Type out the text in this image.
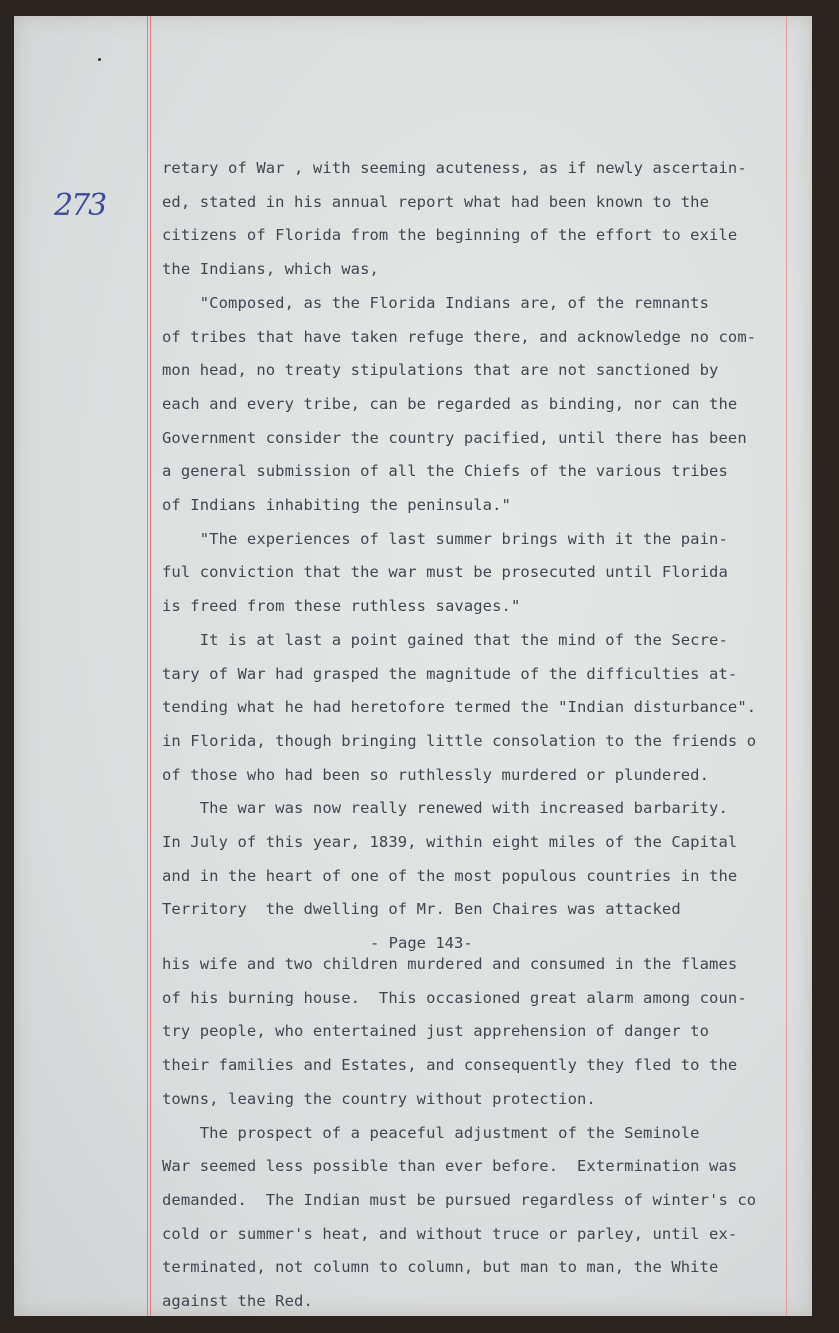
273
retary of War , with seeming acuteness, as if newly ascertain-
ed, stated in his annual report what had been known to the
citizens of Florida from the beginning of the effort to exile
the Indians, which was,
"Composed, as the Florida Indians are, of the remnants
of tribes that have taken refuge there, and acknowledge no com-
mon head, no treaty stipulations that are not sanctioned by
each and every tribe, can be regarded as binding, nor can the
Government consider the country pacified, until there has been
a general submission of all the Chiefs of the various tribes
of Indians inhabiting the peninsula."
"The experiences of last summer brings with it the pain-
ful conviction that the war must be prosecuted until Florida
is freed from these ruthless savages."
It is at last a point gained that the mind of the Secre-
tary of War had grasped the magnitude of the difficulties at-
tending what he had heretofore termed the "Indian disturbance".
in Florida, though bringing little consolation to the friends o
of those who had been so ruthlessly murdered or plundered.
The war was now really renewed with increased barbarity.
In July of this year, 1839, within eight miles of the Capital
and in the heart of one of the most populous countries in the
Territory  the dwelling of Mr. Ben Chaires was attacked
- Page 143-
his wife and two children murdered and consumed in the flames
of his burning house.  This occasioned great alarm among coun-
try people, who entertained just apprehension of danger to
their families and Estates, and consequently they fled to the
towns, leaving the country without protection.
The prospect of a peaceful adjustment of the Seminole
War seemed less possible than ever before.  Extermination was
demanded.  The Indian must be pursued regardless of winter's co
cold or summer's heat, and without truce or parley, until ex-
terminated, not column to column, but man to man, the White
against the Red.
